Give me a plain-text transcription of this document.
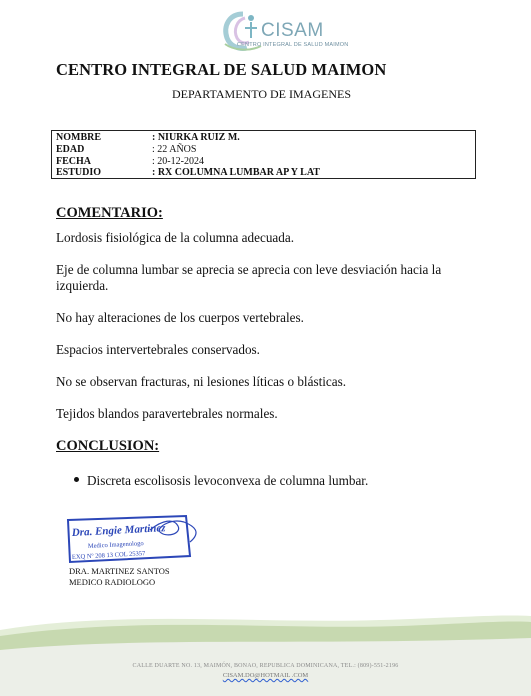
CISAM
CENTRO INTEGRAL DE SALUD MAIMON
CENTRO INTEGRAL DE SALUD MAIMON
DEPARTAMENTO DE IMAGENES
NOMBRE	: NIURKA RUIZ M.
EDAD	: 22 AÑOS
FECHA	: 20-12-2024
ESTUDIO	: RX COLUMNA LUMBAR AP Y LAT
COMENTARIO:
Lordosis fisiológica de la columna adecuada.
Eje de columna lumbar se aprecia se aprecia con leve desviación hacia la izquierda.
No hay alteraciones de los cuerpos vertebrales.
Espacios intervertebrales conservados.
No se observan fracturas, ni lesiones líticas o blásticas.
Tejidos blandos paravertebrales normales.
CONCLUSION:
Discreta escolisosis levoconvexa de columna lumbar.
Dra. Engie Martinez
Medico Imagenologo
EXQ Nº 208 13 COL 25357
DRA. MARTINEZ SANTOS
MEDICO RADIOLOGO
CALLE DUARTE NO. 13, MAIMÓN, BONAO, REPUBLICA DOMINICANA, TEL.: (809)-551-2196
CISAM.DO@HOTMAIL .COM
